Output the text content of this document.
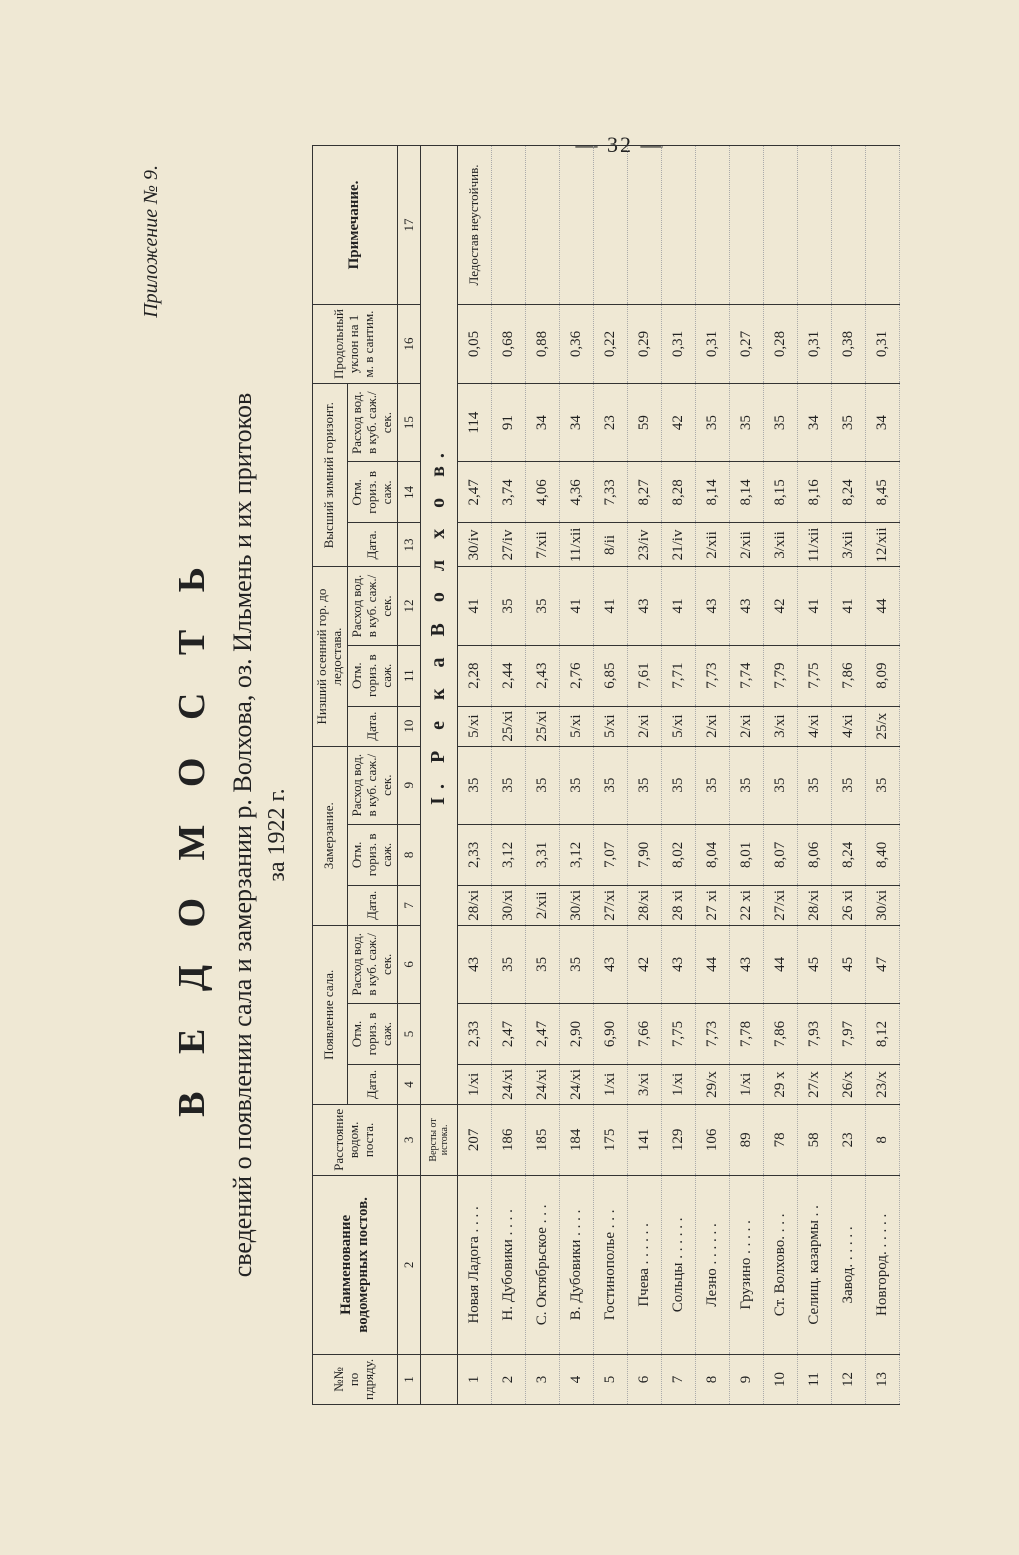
— 32 —
Приложение № 9.
В Е Д О М О С Т Ь сведений о появлении сала и замерзании р. Волхова, оз. Ильмень и их притоков за 1922 г.
№№ по пдряду.	Наименование водомерных постов.	Расстояние водом. поста.	Появление сала.			Замерзание.			Низший осенний гор. до ледостава.			Высший зимний горизонт.			Продольный уклон на 1 м. в сантим.	Примечание.
			Дата.	Отм. гориз. в саж.	Расход вод. в куб. саж./сек.	Дата.	Отм. гориз. в саж.	Расход вод. в куб. саж./сек.	Дата.	Отм. гориз. в саж.	Расход вод. в куб. саж./сек.	Дата.	Отм. гориз. в саж.	Расход вод. в куб. саж./сек.		
1	2	3	4	5	6	7	8	9	10	11	12	13	14	15	16	17
		Версты от истока.	I. Р е к а В о л х о в.													
1	Новая Ладога . . . .	207	1/xi	2,33	43	28/xi	2,33	35	5/xi	2,28	41	30/iv	2,47	114	0,05	Ледостав неустойчив.
2	Н. Дубовики . . . .	186	24/xi	2,47	35	30/xi	3,12	35	25/xi	2,44	35	27/iv	3,74	91	0,68	
3	С. Октябрьское . . .	185	24/xi	2,47	35	2/xii	3,31	35	25/xi	2,43	35	7/xii	4,06	34	0,88	
4	В. Дубовики . . . .	184	24/xi	2,90	35	30/xi	3,12	35	5/xi	2,76	41	11/xii	4,36	34	0,36	
5	Гостинополье . . .	175	1/xi	6,90	43	27/xi	7,07	35	5/xi	6,85	41	8/ii	7,33	23	0,22	
6	Пчева . . . . . .	141	3/xi	7,66	42	28/xi	7,90	35	2/xi	7,61	43	23/iv	8,27	59	0,29	
7	Сольцы . . . . . .	129	1/xi	7,75	43	28 xi	8,02	35	5/xi	7,71	41	21/iv	8,28	42	0,31	
8	Лезно . . . . . .	106	29/x	7,73	44	27 xi	8,04	35	2/xi	7,73	43	2/xii	8,14	35	0,31	
9	Грузино . . . . .	89	1/xi	7,78	43	22 xi	8,01	35	2/xi	7,74	43	2/xii	8,14	35	0,27	
10	Ст. Волхово. . . .	78	29 x	7,86	44	27/xi	8,07	35	3/xi	7,79	42	3/xii	8,15	35	0,28	
11	Селищ. казармы . .	58	27/x	7,93	45	28/xi	8,06	35	4/xi	7,75	41	11/xii	8,16	34	0,31	
12	Завод. . . . . .	23	26/x	7,97	45	26 xi	8,24	35	4/xi	7,86	41	3/xii	8,24	35	0,38	
13	Новгород. . . . . .	8	23/x	8,12	47	30/xi	8,40	35	25/x	8,09	44	12/xii	8,45	34	0,31	
